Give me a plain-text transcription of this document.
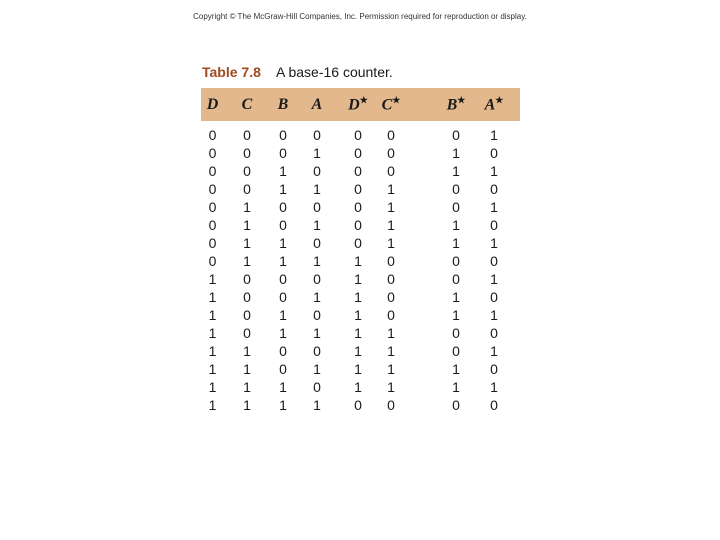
Copyright © The McGraw-Hill Companies, Inc. Permission required for reproduction or display.
Table 7.8 A base-16 counter.
D	C	B	A	D★	C★		B★	A★
0	0	0	0	0	0		0	1
0	0	0	1	0	0		1	0
0	0	1	0	0	0		1	1
0	0	1	1	0	1		0	0
0	1	0	0	0	1		0	1
0	1	0	1	0	1		1	0
0	1	1	0	0	1		1	1
0	1	1	1	1	0		0	0
1	0	0	0	1	0		0	1
1	0	0	1	1	0		1	0
1	0	1	0	1	0		1	1
1	0	1	1	1	1		0	0
1	1	0	0	1	1		0	1
1	1	0	1	1	1		1	0
1	1	1	0	1	1		1	1
1	1	1	1	0	0		0	0
